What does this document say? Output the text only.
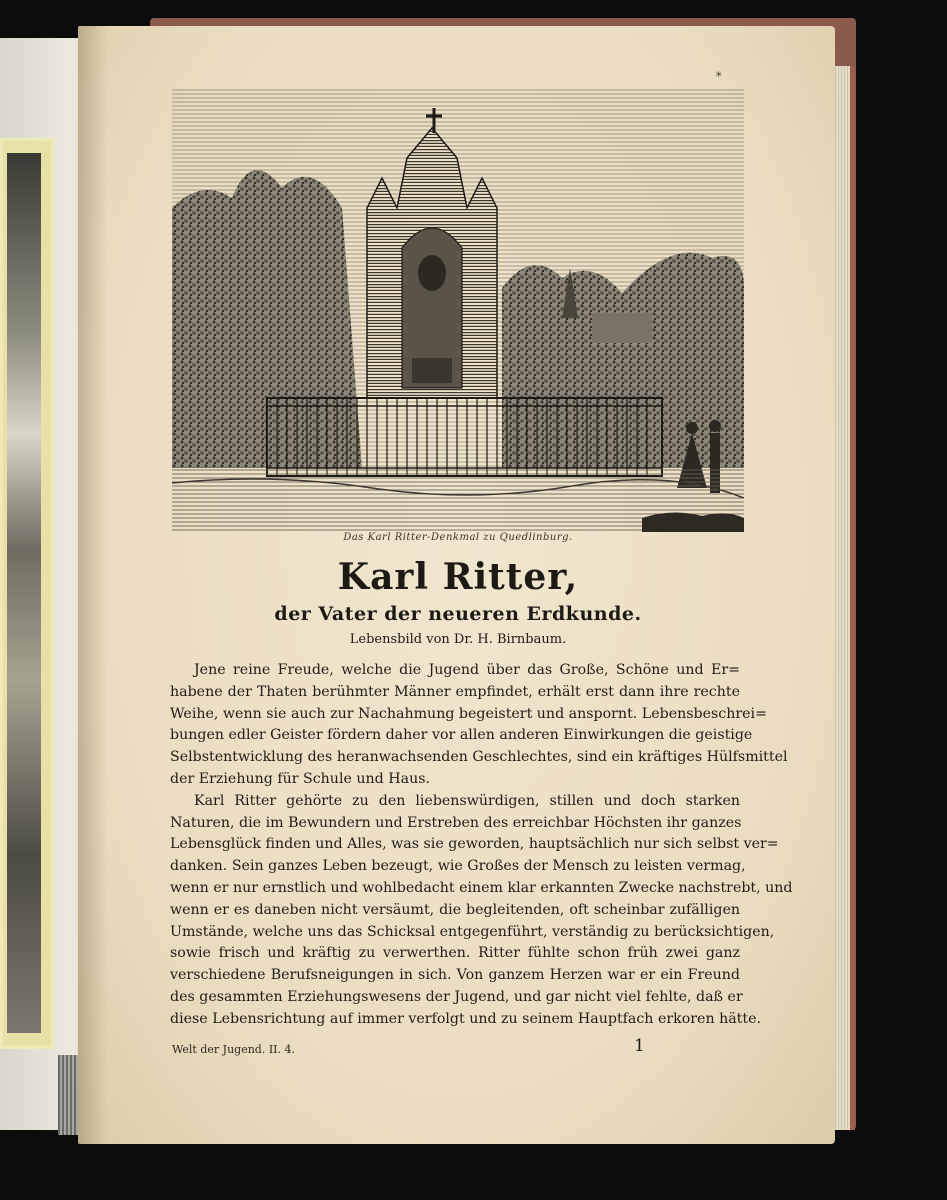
*
Das Karl Ritter-Denkmal zu Quedlinburg.
Karl Ritter,
der Vater der neueren Erdkunde.
Lebensbild von Dr. H. Birnbaum.
Jene reine Freude, welche die Jugend über das Große, Schöne und Er=
habene der Thaten berühmter Männer empfindet, erhält erst dann ihre rechte
Weihe, wenn sie auch zur Nachahmung begeistert und anspornt. Lebensbeschrei=
bungen edler Geister fördern daher vor allen anderen Einwirkungen die geistige
Selbstentwicklung des heranwachsenden Geschlechtes, sind ein kräftiges Hülfsmittel
der Erziehung für Schule und Haus.
Karl Ritter gehörte zu den liebenswürdigen, stillen und doch starken
Naturen, die im Bewundern und Erstreben des erreichbar Höchsten ihr ganzes
Lebensglück finden und Alles, was sie geworden, hauptsächlich nur sich selbst ver=
danken. Sein ganzes Leben bezeugt, wie Großes der Mensch zu leisten vermag,
wenn er nur ernstlich und wohlbedacht einem klar erkannten Zwecke nachstrebt, und
wenn er es daneben nicht versäumt, die begleitenden, oft scheinbar zufälligen
Umstände, welche uns das Schicksal entgegenführt, verständig zu berücksichtigen,
sowie frisch und kräftig zu verwerthen. Ritter fühlte schon früh zwei ganz
verschiedene Berufsneigungen in sich. Von ganzem Herzen war er ein Freund
des gesammten Erziehungswesens der Jugend, und gar nicht viel fehlte, daß er
diese Lebensrichtung auf immer verfolgt und zu seinem Hauptfach erkoren hätte.
Welt der Jugend. II. 4.	1
